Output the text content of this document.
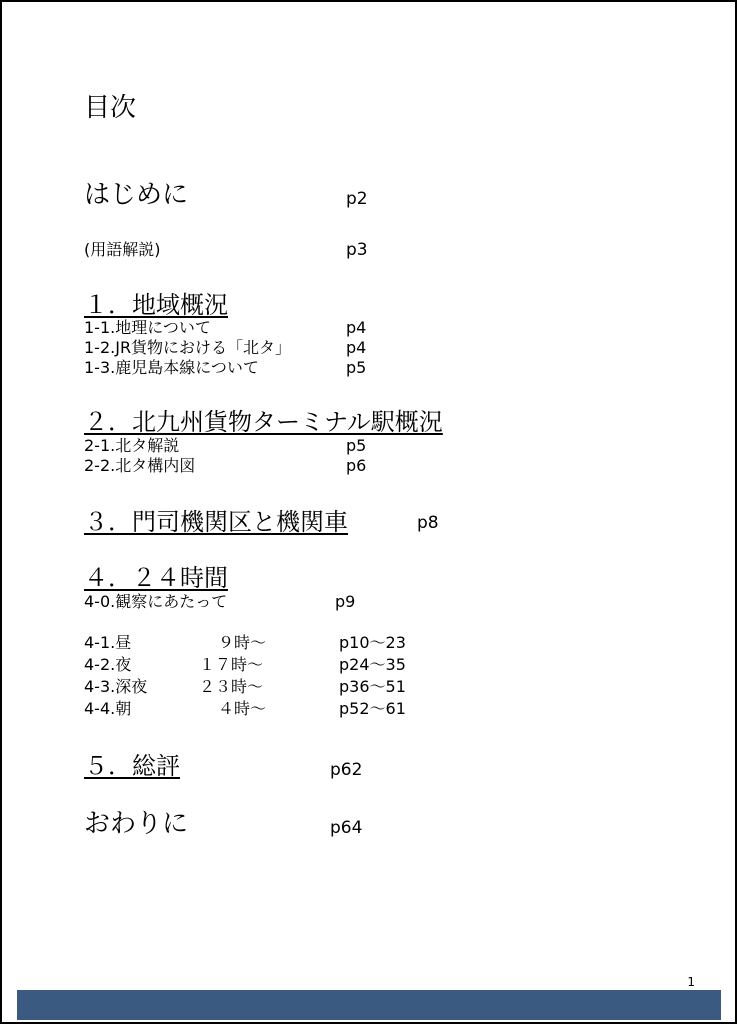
目次
はじめに	p2
(用語解説)	p3
１．地域概況
1-1.地理について	p4
1-2.JR貨物における「北タ」	p4
1-3.鹿児島本線について	p5
２．北九州貨物ターミナル駅概況
2-1.北タ解説	p5
2-2.北タ構内図	p6
３．門司機関区と機関車	p8
４．２４時間
4-0.観察にあたって	p9
4-1.昼	９時～	p10～23
4-2.夜	１７時～	p24～35
4-3.深夜	２３時～	p36～51
4-4.朝	４時～	p52～61
５．総評	p62
おわりに	p64
1
